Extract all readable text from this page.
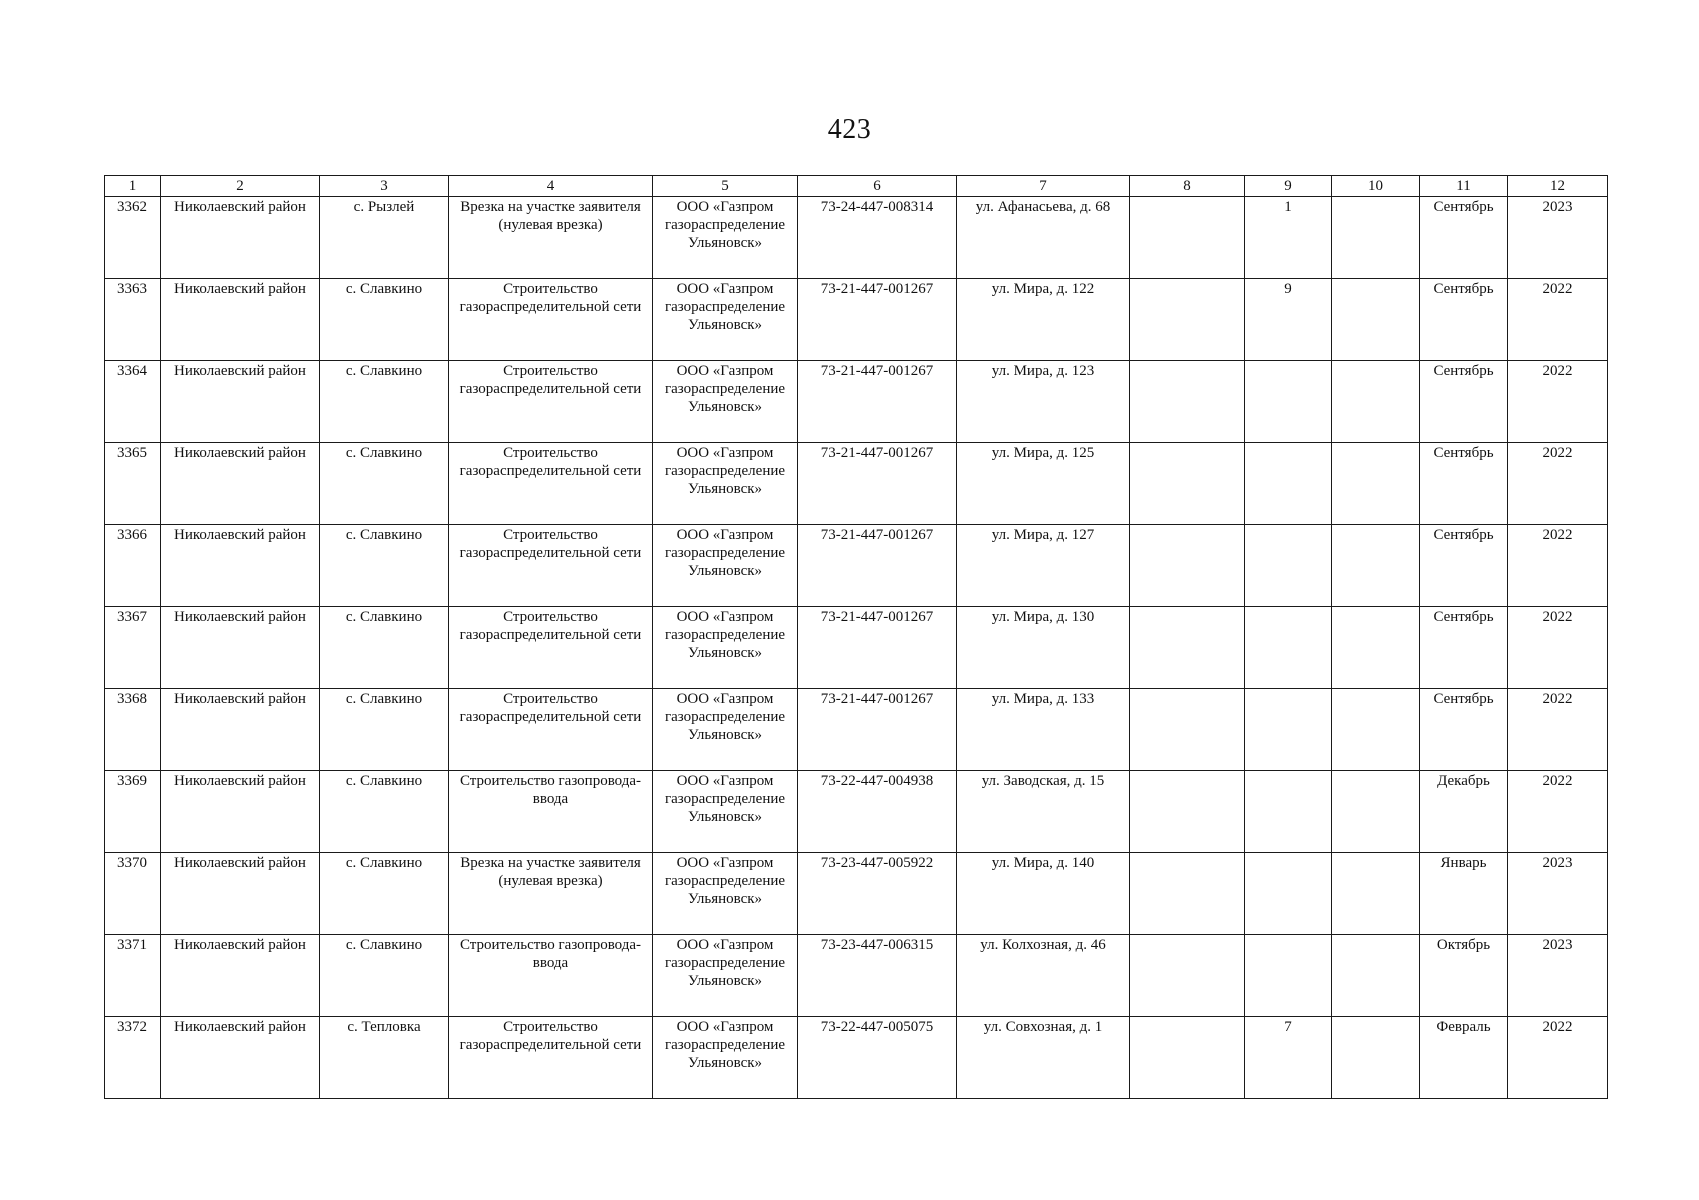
423
1	2	3	4	5	6	7	8	9	10	11	12
3362	Николаевский район	с. Рызлей	Врезка на участке заявителя (нулевая врезка)	ООО «Газпром газораспределение Ульяновск»	73-24-447-008314	ул. Афанасьева, д. 68		1		Сентябрь	2023
3363	Николаевский район	с. Славкино	Строительство газораспределительной сети	ООО «Газпром газораспределение Ульяновск»	73-21-447-001267	ул. Мира, д. 122		9		Сентябрь	2022
3364	Николаевский район	с. Славкино	Строительство газораспределительной сети	ООО «Газпром газораспределение Ульяновск»	73-21-447-001267	ул. Мира, д. 123				Сентябрь	2022
3365	Николаевский район	с. Славкино	Строительство газораспределительной сети	ООО «Газпром газораспределение Ульяновск»	73-21-447-001267	ул. Мира, д. 125				Сентябрь	2022
3366	Николаевский район	с. Славкино	Строительство газораспределительной сети	ООО «Газпром газораспределение Ульяновск»	73-21-447-001267	ул. Мира, д. 127				Сентябрь	2022
3367	Николаевский район	с. Славкино	Строительство газораспределительной сети	ООО «Газпром газораспределение Ульяновск»	73-21-447-001267	ул. Мира, д. 130				Сентябрь	2022
3368	Николаевский район	с. Славкино	Строительство газораспределительной сети	ООО «Газпром газораспределение Ульяновск»	73-21-447-001267	ул. Мира, д. 133				Сентябрь	2022
3369	Николаевский район	с. Славкино	Строительство газопровода-ввода	ООО «Газпром газораспределение Ульяновск»	73-22-447-004938	ул. Заводская, д. 15				Декабрь	2022
3370	Николаевский район	с. Славкино	Врезка на участке заявителя (нулевая врезка)	ООО «Газпром газораспределение Ульяновск»	73-23-447-005922	ул. Мира, д. 140				Январь	2023
3371	Николаевский район	с. Славкино	Строительство газопровода-ввода	ООО «Газпром газораспределение Ульяновск»	73-23-447-006315	ул. Колхозная, д. 46				Октябрь	2023
3372	Николаевский район	с. Тепловка	Строительство газораспределительной сети	ООО «Газпром газораспределение Ульяновск»	73-22-447-005075	ул. Совхозная, д. 1		7		Февраль	2022
